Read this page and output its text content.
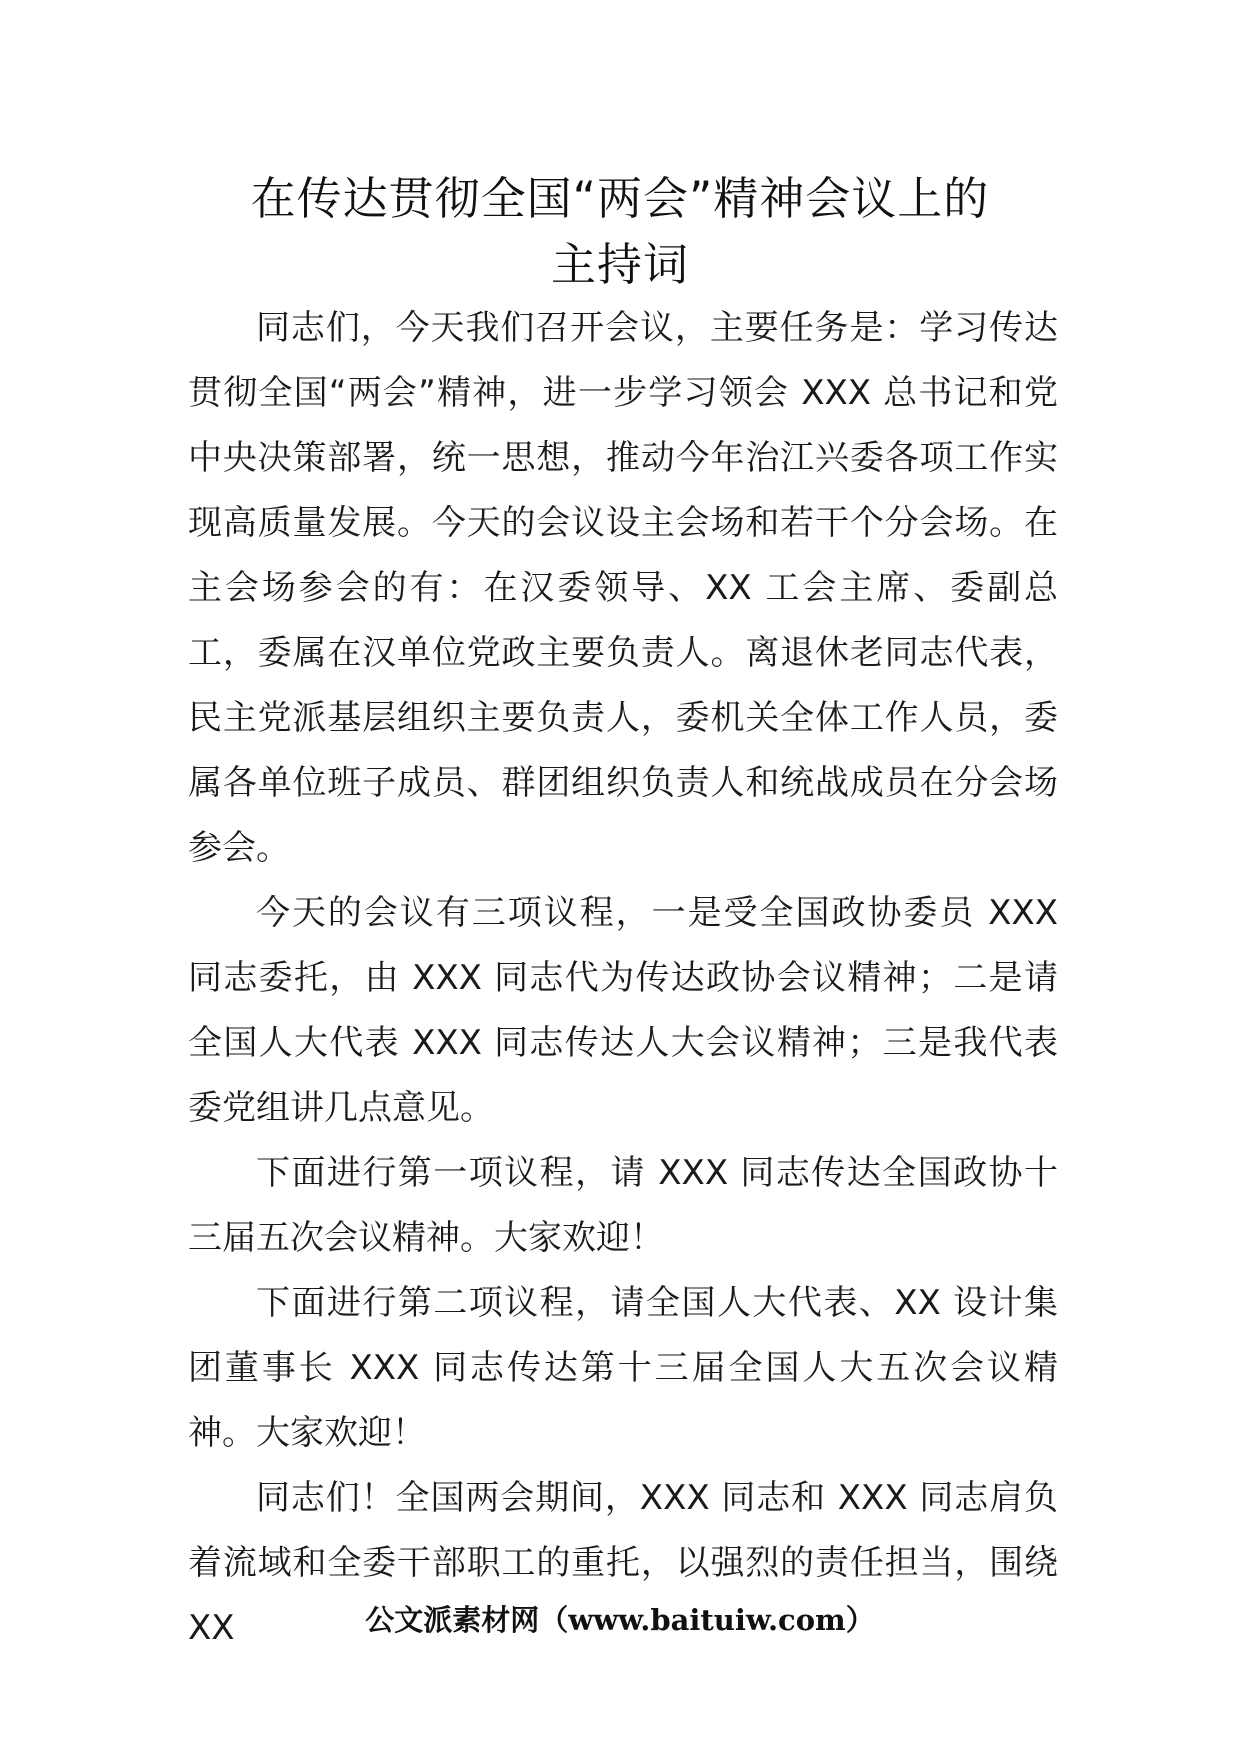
在传达贯彻全国“两会”精神会议上的
主持词

同志们，今天我们召开会议，主要任务是：学习传达贯彻全国“两会”精神，进一步学习领会 XXX 总书记和党中央决策部署，统一思想，推动今年治江兴委各项工作实现高质量发展。今天的会议设主会场和若干个分会场。在主会场参会的有：在汉委领导、XX 工会主席、委副总工，委属在汉单位党政主要负责人。离退休老同志代表，民主党派基层组织主要负责人，委机关全体工作人员，委属各单位班子成员、群团组织负责人和统战成员在分会场参会。

今天的会议有三项议程，一是受全国政协委员 XXX 同志委托，由 XXX 同志代为传达政协会议精神；二是请全国人大代表 XXX 同志传达人大会议精神；三是我代表委党组讲几点意见。

下面进行第一项议程，请 XXX 同志传达全国政协十三届五次会议精神。大家欢迎！

下面进行第二项议程，请全国人大代表、XX 设计集团董事长 XXX 同志传达第十三届全国人大五次会议精神。大家欢迎！

同志们！全国两会期间，XXX 同志和 XXX 同志肩负着流域和全委干部职工的重托，以强烈的责任担当，围绕 XX	公文派素材网（www.baituiw.com）
